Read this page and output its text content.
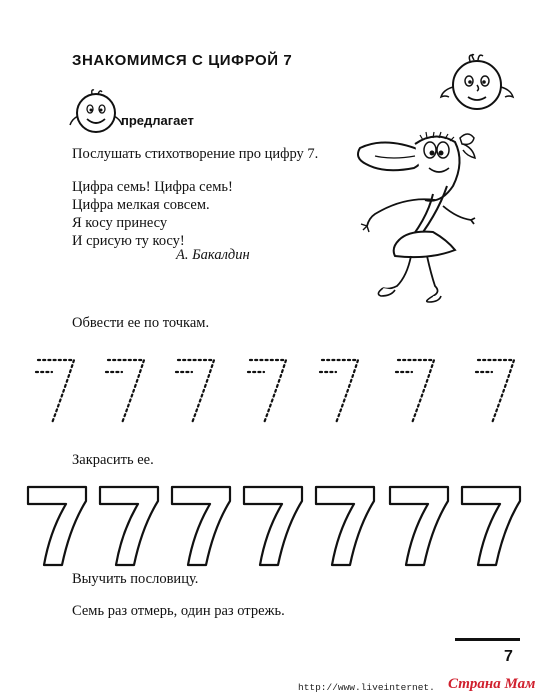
ЗНАКОМИМСЯ С ЦИФРОЙ 7
предлагает
Послушать стихотворение про цифру 7.
Цифра семь! Цифра семь!
Цифра мелкая совсем.
Я косу принесу
И срисую ту косу!
А. Бакалдин
Обвести ее по точкам.
Закрасить ее.
Выучить пословицу.
Семь раз отмерь, один раз отрежь.
7
http://www.liveinternet. Страна Мам
